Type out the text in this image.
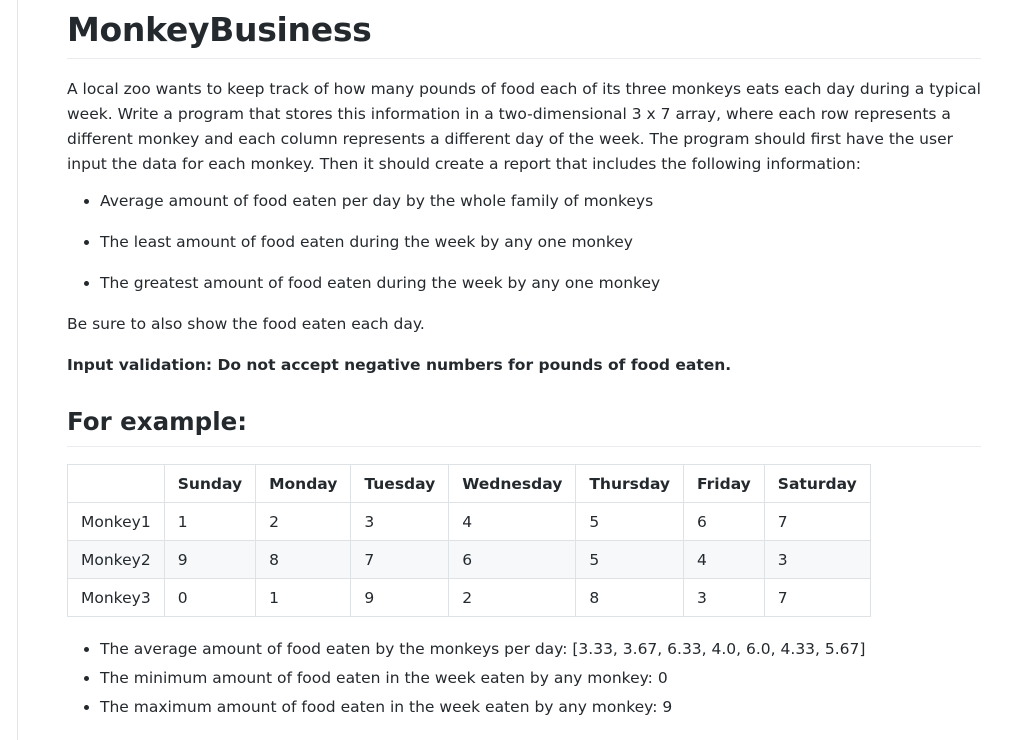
MonkeyBusiness

A local zoo wants to keep track of how many pounds of food each of its three monkeys eats each day during a typical week. Write a program that stores this information in a two-dimensional 3 x 7 array, where each row represents a different monkey and each column represents a different day of the week. The program should first have the user input the data for each monkey. Then it should create a report that includes the following information:

• Average amount of food eaten per day by the whole family of monkeys
• The least amount of food eaten during the week by any one monkey
• The greatest amount of food eaten during the week by any one monkey

Be sure to also show the food eaten each day.

Input validation: Do not accept negative numbers for pounds of food eaten.

For example:
	Sunday	Monday	Tuesday	Wednesday	Thursday	Friday	Saturday
Monkey1	1	2	3	4	5	6	7
Monkey2	9	8	7	6	5	4	3
Monkey3	0	1	9	2	8	3	7
• The average amount of food eaten by the monkeys per day: [3.33, 3.67, 6.33, 4.0, 6.0, 4.33, 5.67]
• The minimum amount of food eaten in the week eaten by any monkey: 0
• The maximum amount of food eaten in the week eaten by any monkey: 9
